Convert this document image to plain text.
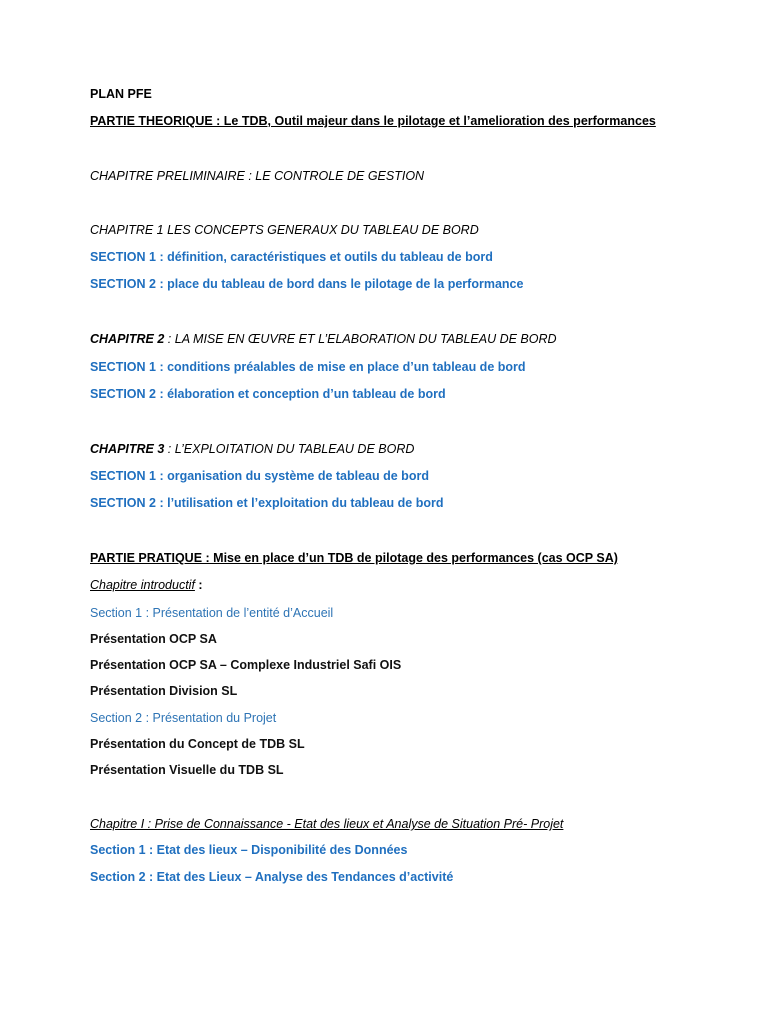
PLAN PFE
PARTIE THEORIQUE : Le TDB, Outil majeur dans le pilotage et l’amelioration des performances
CHAPITRE PRELIMINAIRE : LE CONTROLE DE GESTION
CHAPITRE 1 LES CONCEPTS GENERAUX DU TABLEAU DE BORD
SECTION 1 : définition, caractéristiques et outils du tableau de bord
SECTION 2 : place du tableau de bord dans le pilotage de la performance
CHAPITRE 2 : LA MISE EN ŒUVRE ET L’ELABORATION DU TABLEAU DE BORD
SECTION 1 : conditions préalables de mise en place d’un tableau de bord
SECTION 2 : élaboration et conception d’un tableau de bord
CHAPITRE 3 : L’EXPLOITATION DU TABLEAU DE BORD
SECTION 1 : organisation du système de tableau de bord
SECTION 2 : l’utilisation et l’exploitation du tableau de bord
PARTIE PRATIQUE : Mise en place d’un TDB de pilotage des performances (cas OCP SA)
Chapitre introductif :
Section 1 : Présentation de l’entité d’Accueil
Présentation OCP SA
Présentation OCP SA – Complexe Industriel Safi OIS
Présentation Division SL
Section 2 : Présentation du Projet
Présentation du Concept de TDB SL
Présentation Visuelle du TDB SL
Chapitre I : Prise de Connaissance - Etat des lieux et Analyse de Situation Pré- Projet
Section 1 : Etat des lieux – Disponibilité des Données
Section 2 : Etat des Lieux – Analyse des Tendances d’activité
